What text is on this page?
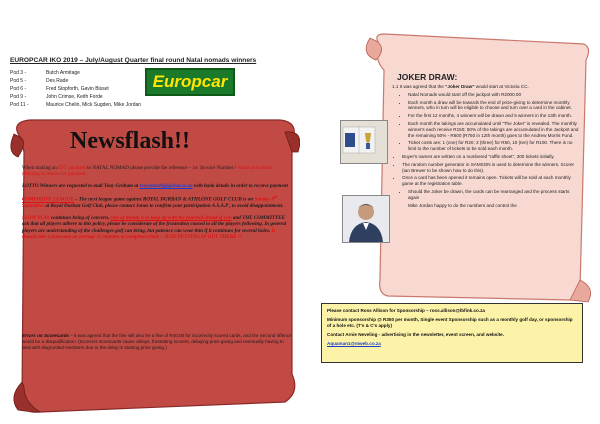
EUROPCAR IKO 2019 – July/August Quarter final round Natal nomads winners
Pod 3 -	Butch Armitage
Pod 5 -	Des Rade
Pod 6 -	Fred Stopforth, Gavin Bisset
Pod 9 -	John Crimse, Keith Forde
Pod 11 -	Maurice Chelin, Mick Sugden, Mike Jordan
Europcar
Newsflash!!

When making an EFT payment to NATAL NOMAD please provide the reference – i.e. Invoice Number / Name and details referring to reason for payment

LOTTO Winners are requested to mail Tony Graham at tonyalandh@global.co.za with bank details in order to receive payment

COMPOSITE LEAGUE – The next league game against ROYAL DURBAN & ATHLONE GOLF CLUB is on Sunday 8th September at Royal Durban Golf Club, please contact Jonas to confirm your participation A.S.A.P , to avoid disappointment.

SLOW PLAY continues being of concern, rule of thumb is to keep up with the fourball ahead of you and THE COMMITTEE ask that all players adhere to this policy, please be considerate of the frustration caused to all the players following. In general players are understanding of the challenges golf can bring, but patience can wear thin if it continues for several holes. It should take a foursome on average 15 minutes to complete a hole – JUST PUTTING IT OUT THERE !!

Errors on Scorecards – it was agreed that the fine will also be a fine of R40.00 for incorrectly scored cards, and the Second offence would be a disqualification. (Incorrect scorecards cause delays, frustrating scorers, delaying prize giving and eventually having to deal with disgruntled members due to the delay in starting prize giving.)
JOKER DRAW:
1.1 It was agreed that the “Joker Draw” would start at Victoria CC.
• Natal Nomads would start off the jackpot with R2000.00
• Each month a draw will be towards the end of prize-giving to determine monthly winners, who in turn will be eligible to choose and turn over a card in the cabinet.
• For the first 12 months, 4 winners will be drawn and 5 winners in the 13th month.
• Each month the takings are accumulated until “The Joker” is revealed. The monthly winner's each receive R150; 50% of the takings are accumulated in the Jackpot and the remaining 50% - R600 (R750 in 12th month) goes to the Andrew Morris Fund.
• Ticket costs are: 1 (one) for R20; 3 (three) for R50, 10 (ten) for R100. There is no limit to the number of tickets to be sold each month.
• Buyer's names are written on a numbered “raffle sheet”, 300 tickets initially.
• The random number generator in SAMSON is used to determine the winners. Scorer (Ian Brewer to be shown how to do this).
• Once a card has been opened it remains open. Tickets will be sold at each monthly game at the registration table.
• Should the Joker be drawn, the cards can be rearranged and the process starts again
Mike Jordan happy to do the numbers and control the

Please contact Ross Allison for Sponsorship – ross.allison@lbfink.co.za

Minimum sponsorship @ R350 per month, Single event Sponsorship such as a monthly golf day, or sponsorship of a hole etc. (T's & C's apply)

Contact Arnie Neveling - advertising in the newsletter, event screen, and website.

Aquaman1@mweb.co.za
